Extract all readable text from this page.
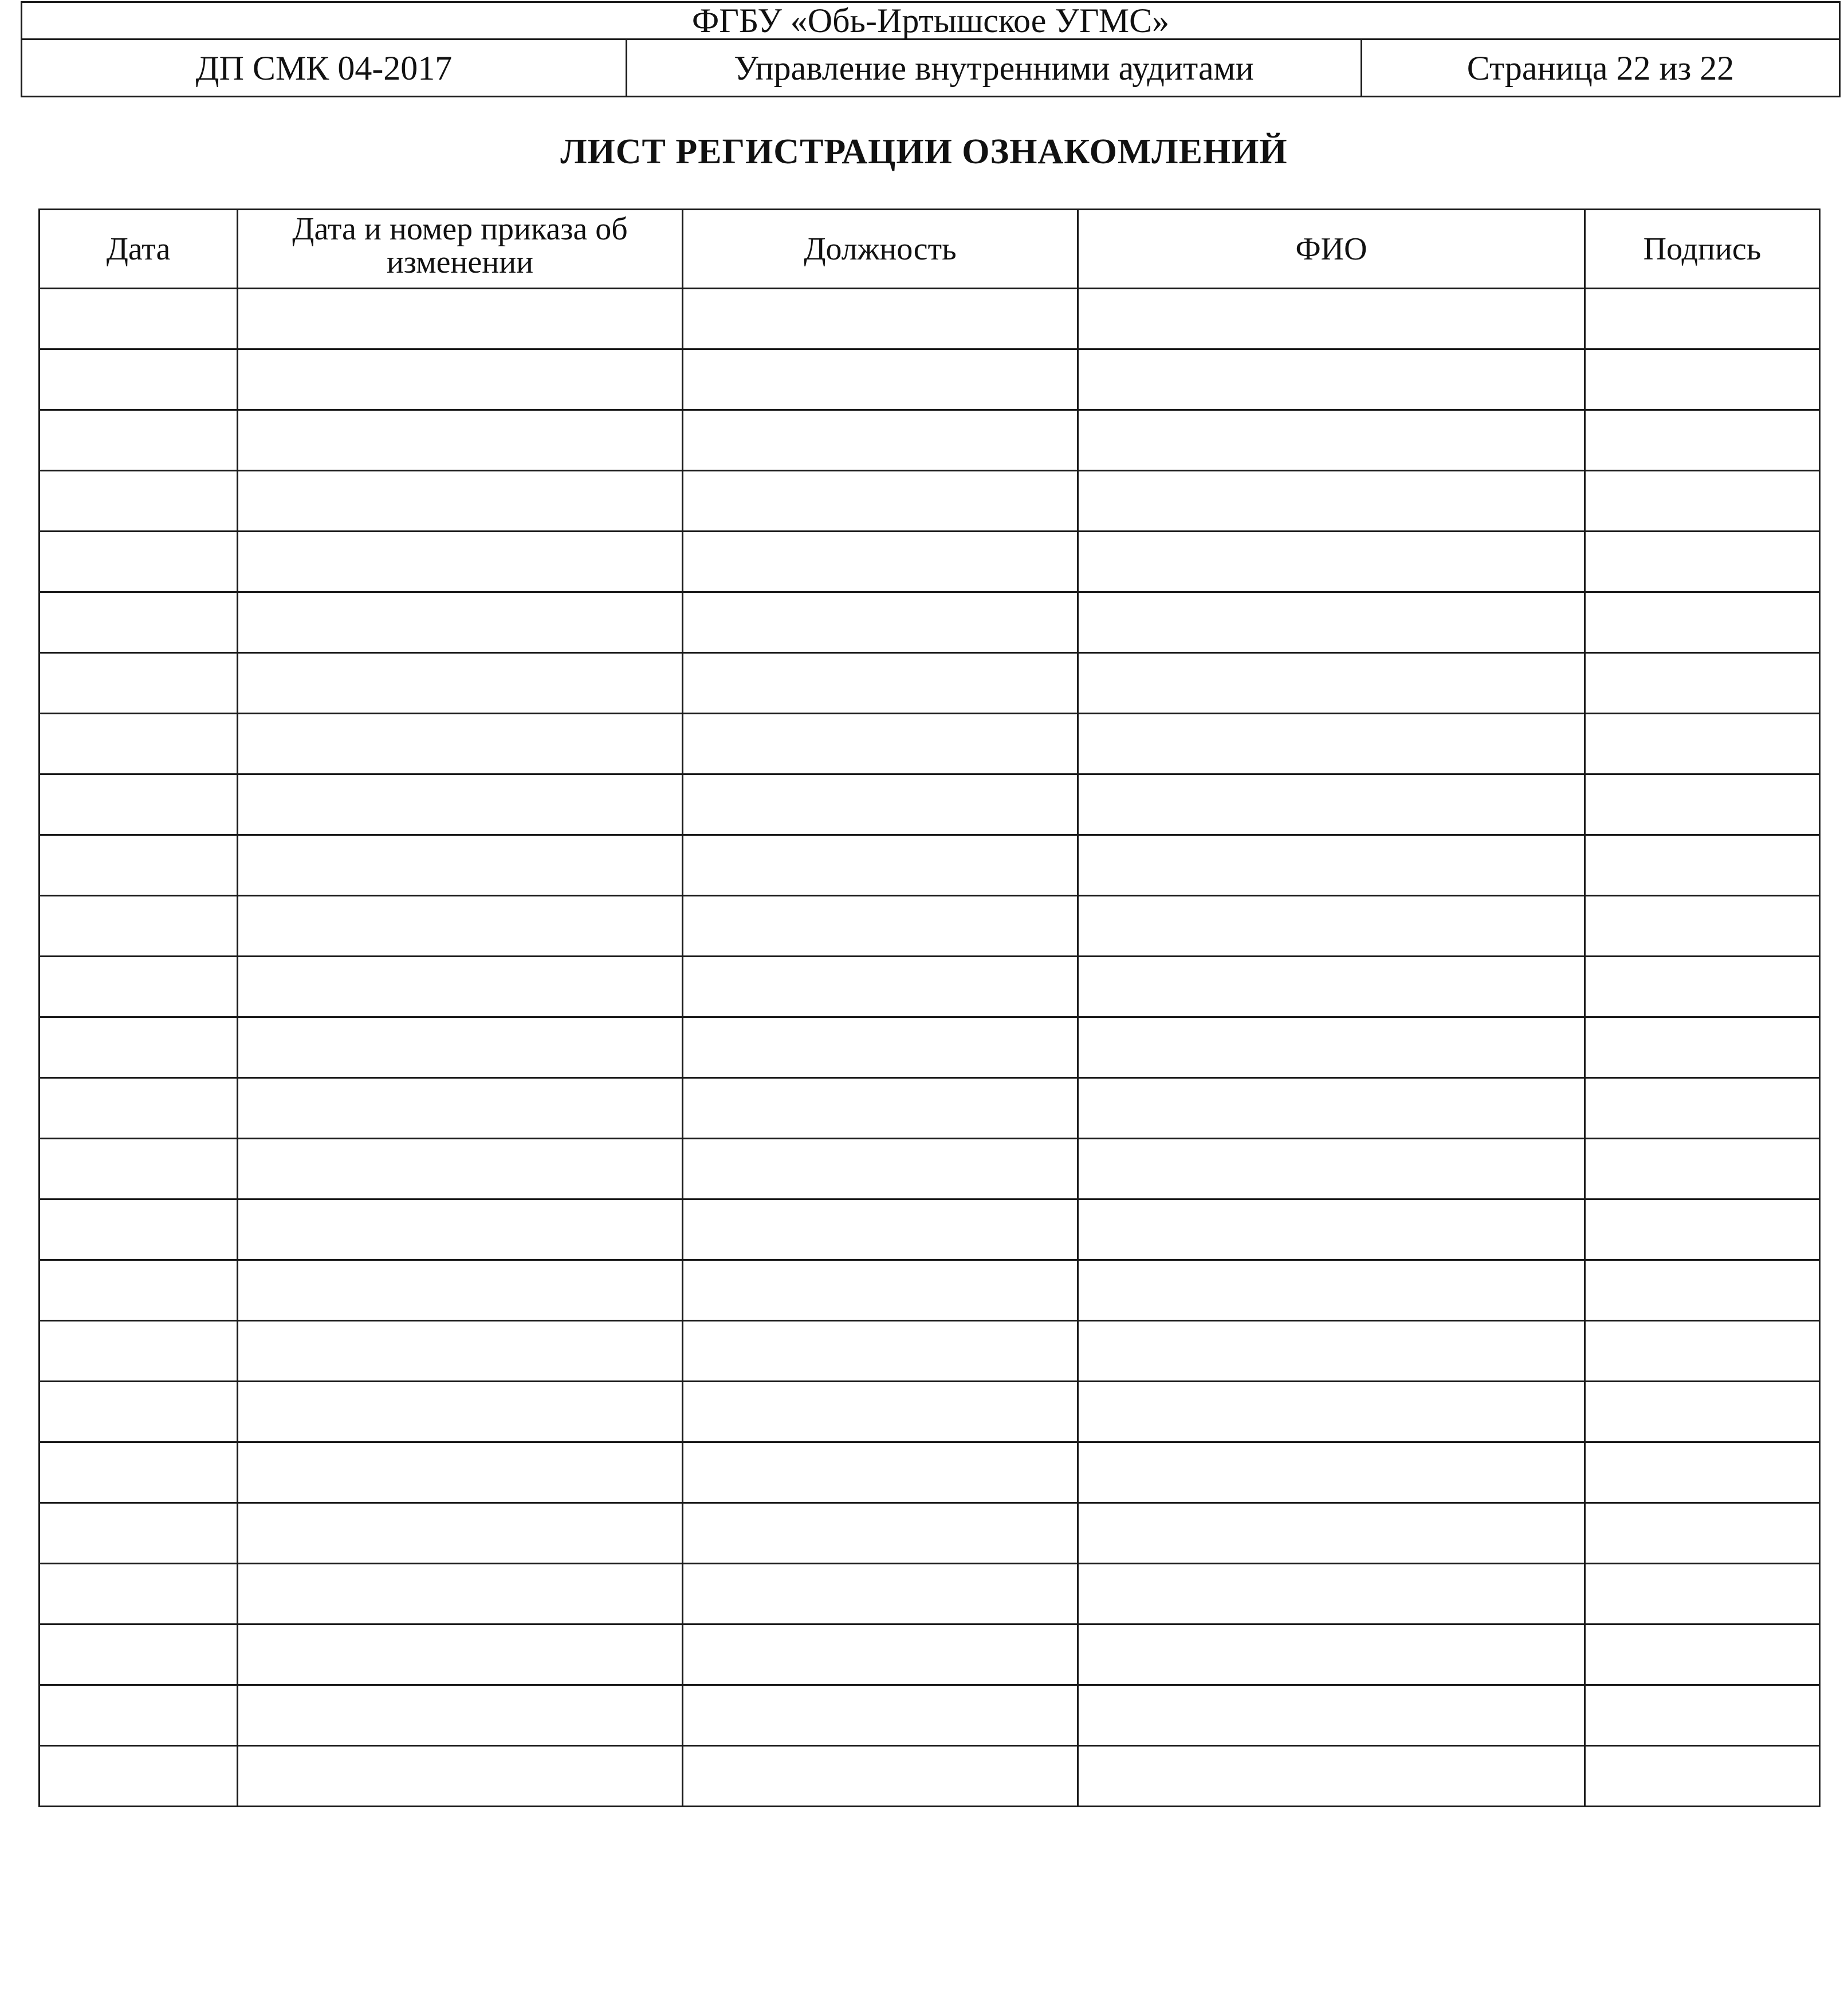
ФГБУ «Обь-Иртышское УГМС»
ДП СМК 04-2017	Управление внутренними аудитами	Страница 22 из 22
ЛИСТ РЕГИСТРАЦИИ ОЗНАКОМЛЕНИЙ
Дата	Дата и номер приказа об изменении	Должность	ФИО	Подпись
